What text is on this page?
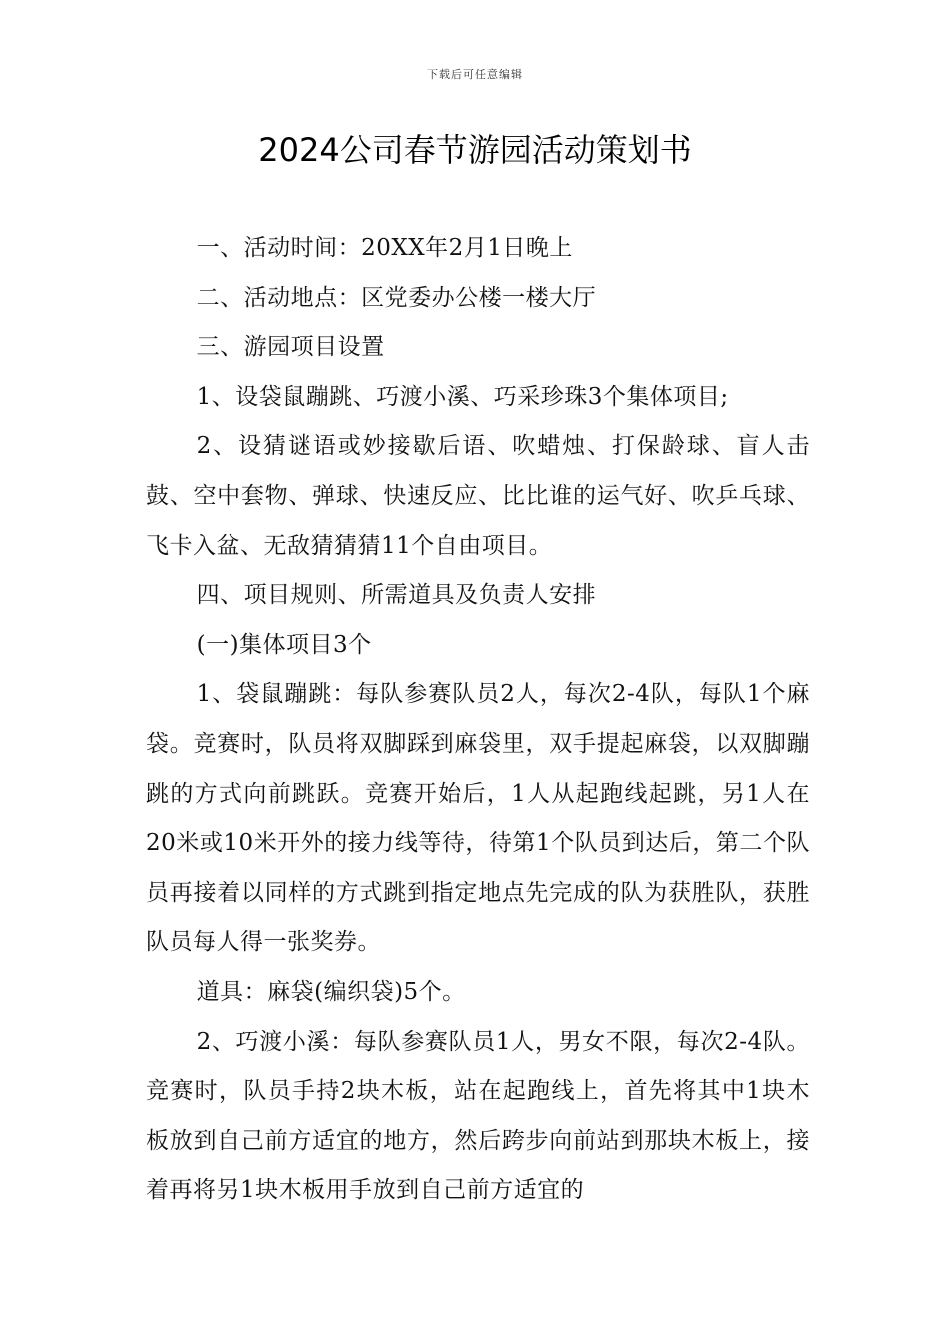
下载后可任意编辑
2024公司春节游园活动策划书

一、活动时间：20XX年2月1日晚上

二、活动地点：区党委办公楼一楼大厅

三、游园项目设置

1、设袋鼠蹦跳、巧渡小溪、巧采珍珠3个集体项目;

2、设猜谜语或妙接歇后语、吹蜡烛、打保龄球、盲人击鼓、空中套物、弹球、快速反应、比比谁的运气好、吹乒乓球、飞卡入盆、无敌猜猜猜11个自由项目。

四、项目规则、所需道具及负责人安排

(一)集体项目3个

1、袋鼠蹦跳：每队参赛队员2人，每次2-4队，每队1个麻袋。竞赛时，队员将双脚踩到麻袋里，双手提起麻袋，以双脚蹦跳的方式向前跳跃。竞赛开始后，1人从起跑线起跳，另1人在20米或10米开外的接力线等待，待第1个队员到达后，第二个队员再接着以同样的方式跳到指定地点先完成的队为获胜队，获胜队员每人得一张奖券。

道具：麻袋(编织袋)5个。

2、巧渡小溪：每队参赛队员1人，男女不限，每次2-4队。竞赛时，队员手持2块木板，站在起跑线上，首先将其中1块木板放到自己前方适宜的地方，然后跨步向前站到那块木板上，接着再将另1块木板用手放到自己前方适宜的
